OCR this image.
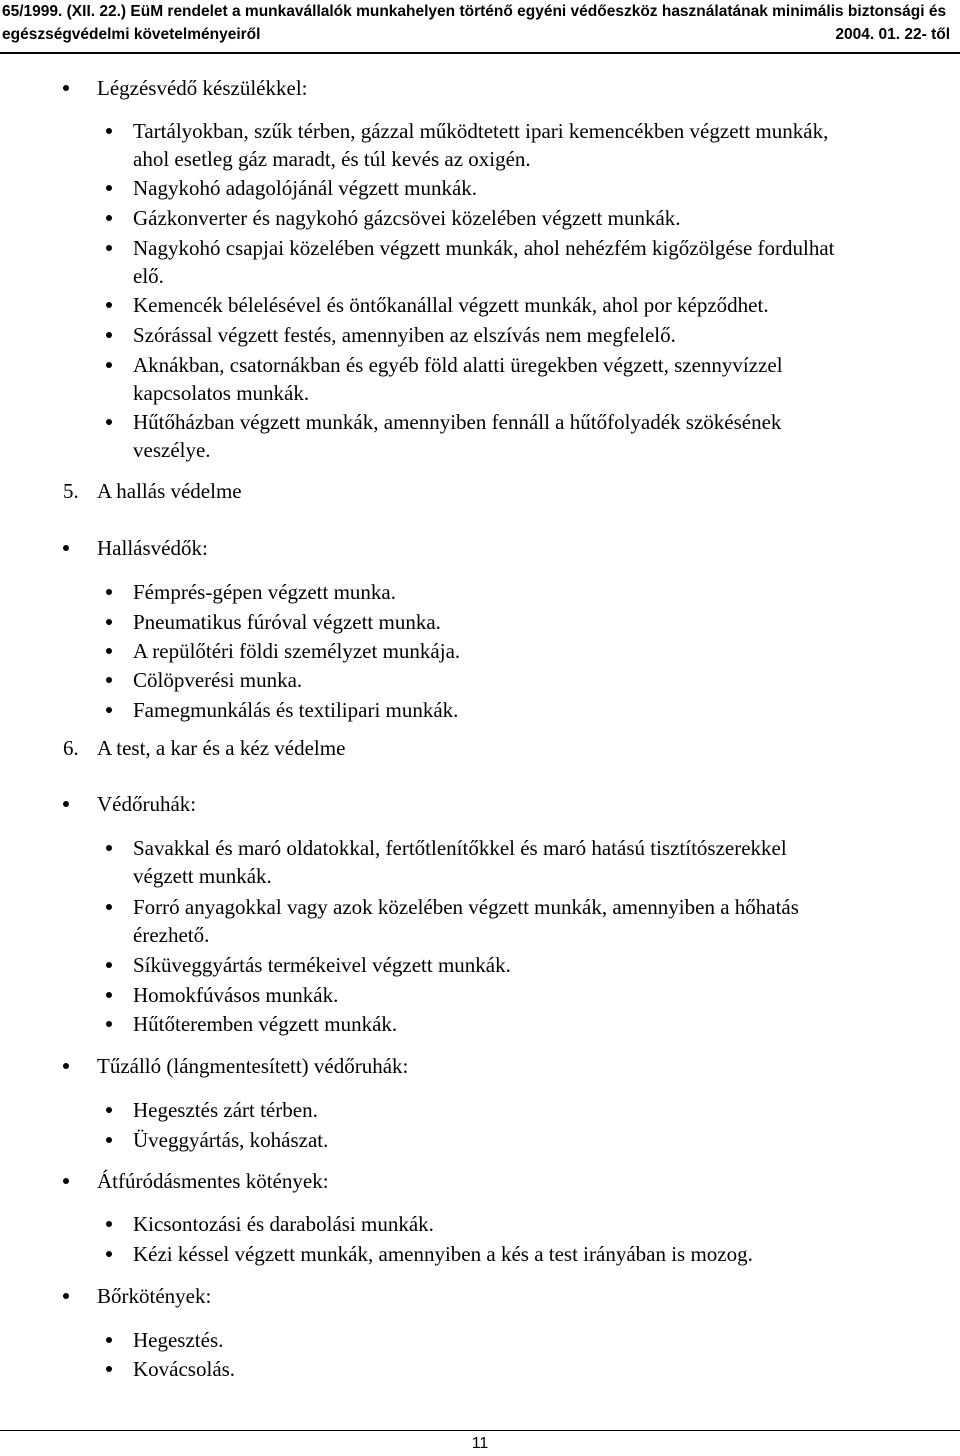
65/1999. (XII. 22.) EüM rendelet a munkavállalók munkahelyen történő egyéni védőeszköz használatának minimális biztonsági és
egészségvédelmi követelményeiről	2004. 01. 22- től
Légzésvédő készülékkel:
Tartályokban, szűk térben, gázzal működtetett ipari kemencékben végzett munkák,
ahol esetleg gáz maradt, és túl kevés az oxigén.
Nagykohó adagolójánál végzett munkák.
Gázkonverter és nagykohó gázcsövei közelében végzett munkák.
Nagykohó csapjai közelében végzett munkák, ahol nehézfém kigőzölgése fordulhat
elő.
Kemencék bélelésével és öntőkanállal végzett munkák, ahol por képződhet.
Szórással végzett festés, amennyiben az elszívás nem megfelelő.
Aknákban, csatornákban és egyéb föld alatti üregekben végzett, szennyvízzel
kapcsolatos munkák.
Hűtőházban végzett munkák, amennyiben fennáll a hűtőfolyadék szökésének
veszélye.
5. A hallás védelme
Hallásvédők:
Fémprés-gépen végzett munka.
Pneumatikus fúróval végzett munka.
A repülőtéri földi személyzet munkája.
Cölöpverési munka.
Famegmunkálás és textilipari munkák.
6. A test, a kar és a kéz védelme
Védőruhák:
Savakkal és maró oldatokkal, fertőtlenítőkkel és maró hatású tisztítószerekkel
végzett munkák.
Forró anyagokkal vagy azok közelében végzett munkák, amennyiben a hőhatás
érezhető.
Síküveggyártás termékeivel végzett munkák.
Homokfúvásos munkák.
Hűtőteremben végzett munkák.
Tűzálló (lángmentesített) védőruhák:
Hegesztés zárt térben.
Üveggyártás, kohászat.
Átfúródásmentes kötények:
Kicsontozási és darabolási munkák.
Kézi késsel végzett munkák, amennyiben a kés a test irányában is mozog.
Bőrkötények:
Hegesztés.
Kovácsolás.
11
